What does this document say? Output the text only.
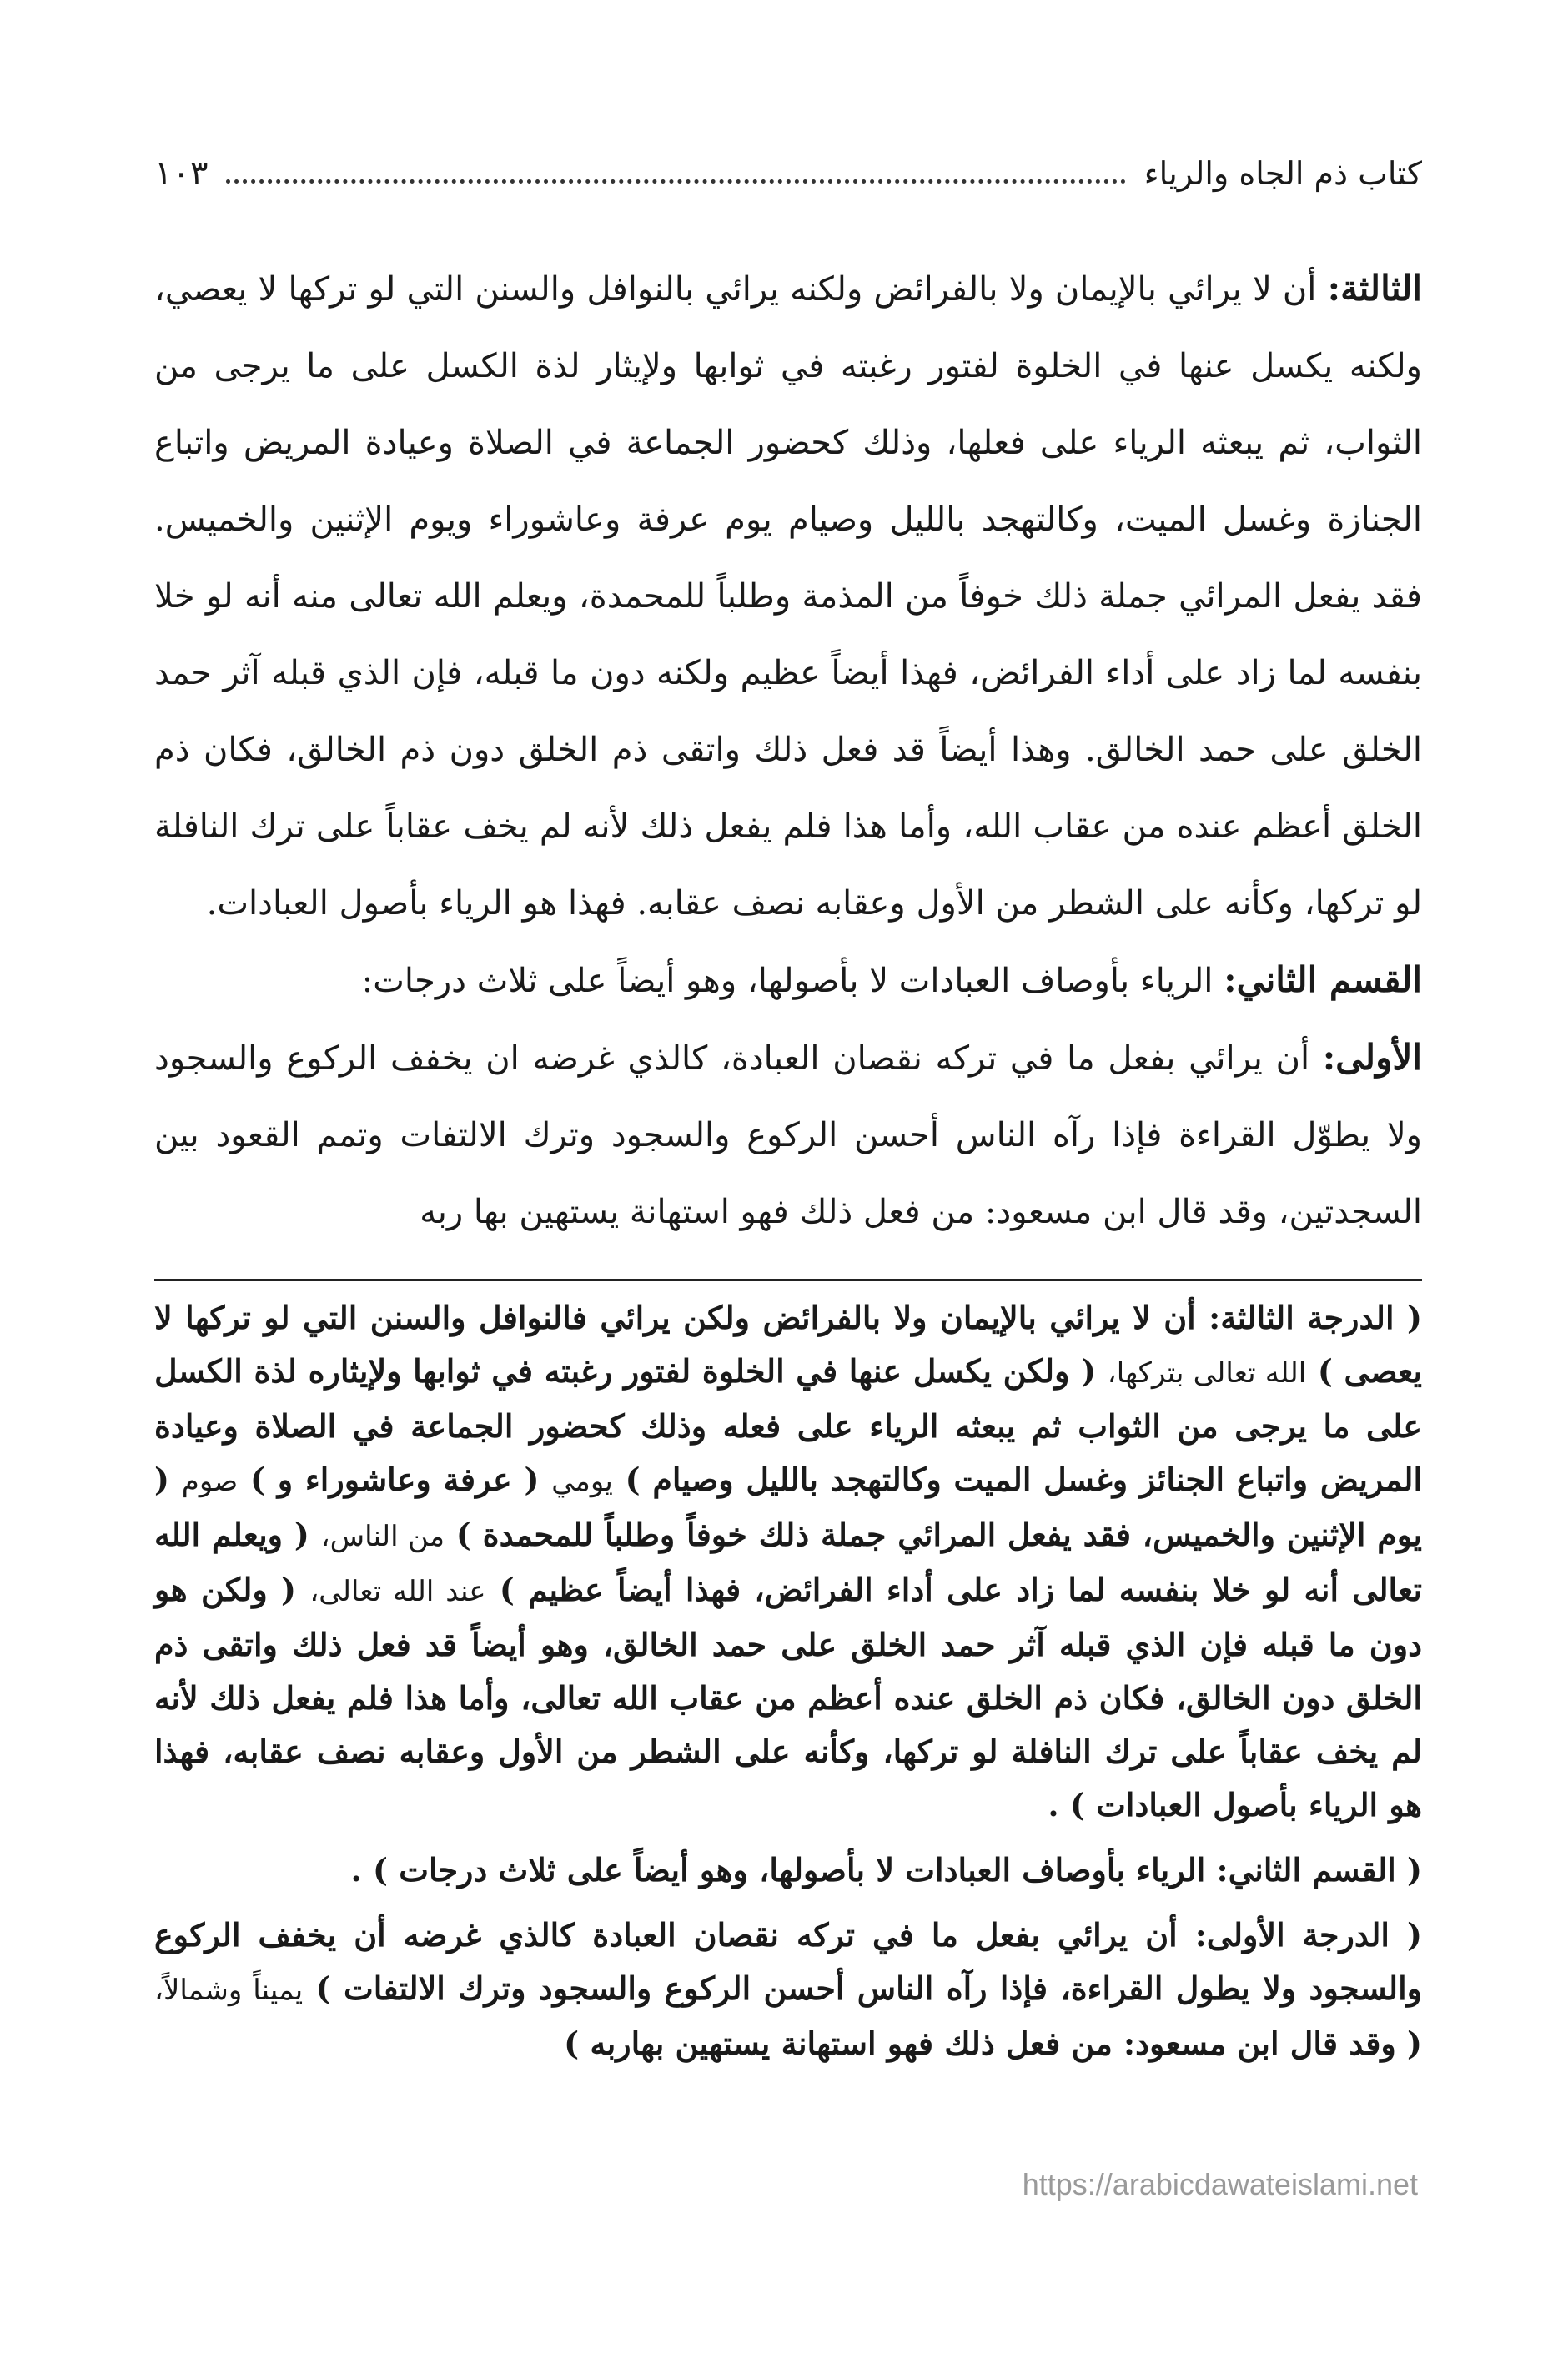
كتاب ذم الجاه والرياء
١٠٣

الثالثة: أن لا يرائي بالإيمان ولا بالفرائض ولكنه يرائي بالنوافل والسنن التي لو تركها لا يعصي، ولكنه يكسل عنها في الخلوة لفتور رغبته في ثوابها ولإيثار لذة الكسل على ما يرجى من الثواب، ثم يبعثه الرياء على فعلها، وذلك كحضور الجماعة في الصلاة وعيادة المريض واتباع الجنازة وغسل الميت، وكالتهجد بالليل وصيام يوم عرفة وعاشوراء ويوم الإثنين والخميس. فقد يفعل المرائي جملة ذلك خوفاً من المذمة وطلباً للمحمدة، ويعلم الله تعالى منه أنه لو خلا بنفسه لما زاد على أداء الفرائض، فهذا أيضاً عظيم ولكنه دون ما قبله، فإن الذي قبله آثر حمد الخلق على حمد الخالق. وهذا أيضاً قد فعل ذلك واتقى ذم الخلق دون ذم الخالق، فكان ذم الخلق أعظم عنده من عقاب الله، وأما هذا فلم يفعل ذلك لأنه لم يخف عقاباً على ترك النافلة لو تركها، وكأنه على الشطر من الأول وعقابه نصف عقابه. فهذا هو الرياء بأصول العبادات.

القسم الثاني: الرياء بأوصاف العبادات لا بأصولها، وهو أيضاً على ثلاث درجات:

الأولى: أن يرائي بفعل ما في تركه نقصان العبادة، كالذي غرضه ان يخفف الركوع والسجود ولا يطوّل القراءة فإذا رآه الناس أحسن الركوع والسجود وترك الالتفات وتمم القعود بين السجدتين، وقد قال ابن مسعود: من فعل ذلك فهو استهانة يستهين بها ربه

( الدرجة الثالثة: أن لا يرائي بالإيمان ولا بالفرائض ولكن يرائي فالنوافل والسنن التي لو تركها لا يعصى ) الله تعالى بتركها، ( ولكن يكسل عنها في الخلوة لفتور رغبته في ثوابها ولإيثاره لذة الكسل على ما يرجى من الثواب ثم يبعثه الرياء على فعله وذلك كحضور الجماعة في الصلاة وعيادة المريض واتباع الجنائز وغسل الميت وكالتهجد بالليل وصيام ) يومي ( عرفة وعاشوراء و ) صوم ( يوم الإثنين والخميس، فقد يفعل المرائي جملة ذلك خوفاً وطلباً للمحمدة ) من الناس، ( ويعلم الله تعالى أنه لو خلا بنفسه لما زاد على أداء الفرائض، فهذا أيضاً عظيم ) عند الله تعالى، ( ولكن هو دون ما قبله فإن الذي قبله آثر حمد الخلق على حمد الخالق، وهو أيضاً قد فعل ذلك واتقى ذم الخلق دون الخالق، فكان ذم الخلق عنده أعظم من عقاب الله تعالى، وأما هذا فلم يفعل ذلك لأنه لم يخف عقاباً على ترك النافلة لو تركها، وكأنه على الشطر من الأول وعقابه نصف عقابه، فهذا هو الرياء بأصول العبادات ) .

( القسم الثاني: الرياء بأوصاف العبادات لا بأصولها، وهو أيضاً على ثلاث درجات ) .

( الدرجة الأولى: أن يرائي بفعل ما في تركه نقصان العبادة كالذي غرضه أن يخفف الركوع والسجود ولا يطول القراءة، فإذا رآه الناس أحسن الركوع والسجود وترك الالتفات ) يميناً وشمالاً، ( وقد قال ابن مسعود: من فعل ذلك فهو استهانة يستهين بهاربه )

https://arabicdawateislami.net
